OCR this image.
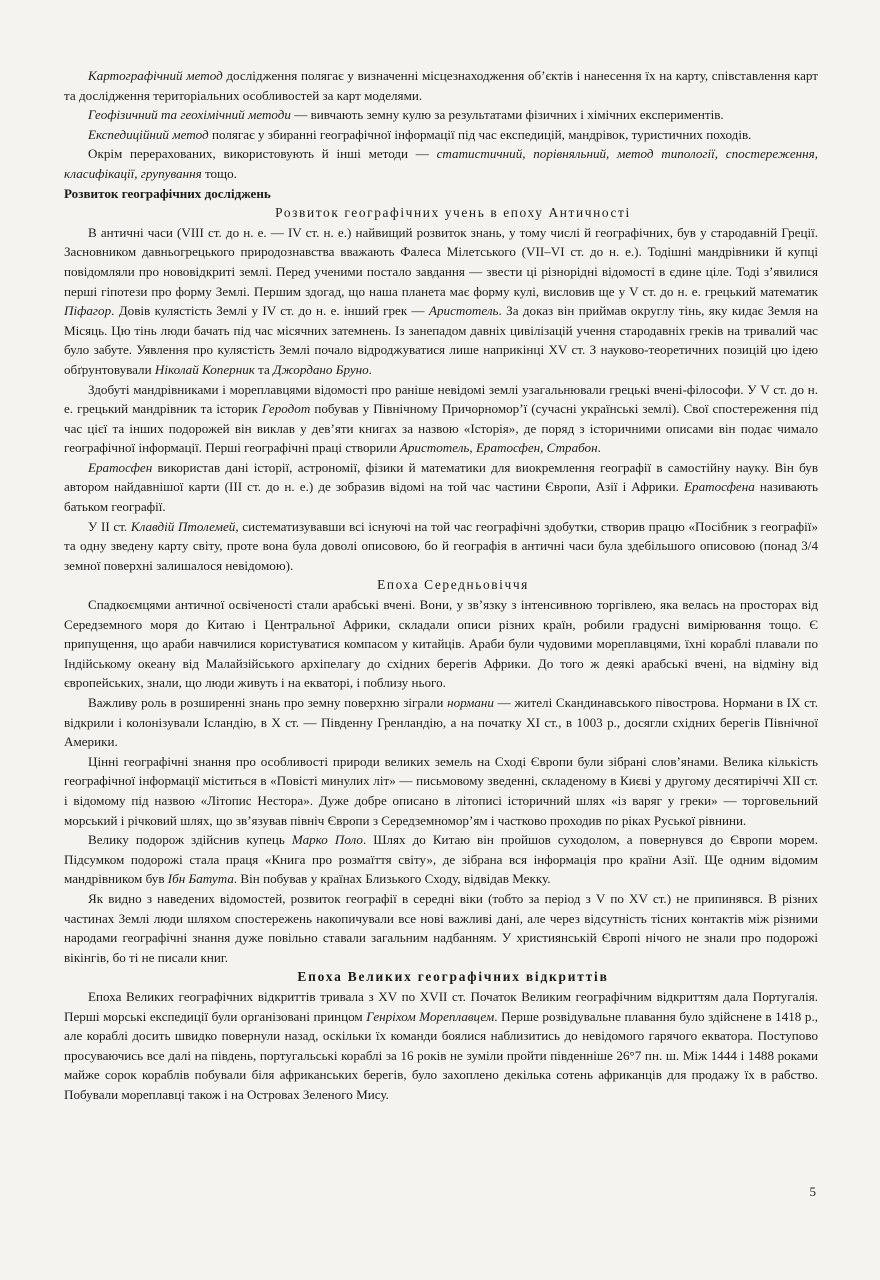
Картографічний метод дослідження полягає у визначенні місцезнаходження об’єктів і нанесення їх на карту, співставлення карт та дослідження територіальних особливостей за карт моделями.

Геофізичний та геохімічний методи — вивчають земну кулю за результатами фізичних і хімічних експериментів.

Експедиційний метод полягає у збиранні географічної інформації під час експедицій, мандрівок, туристичних походів.

Окрім перерахованих, використовують й інші методи — статистичний, порівняльний, метод типології, спостереження, класифікації, групування тощо.

Розвиток географічних досліджень

Розвиток географічних учень в епоху Античності

В античні часи (VIII ст. до н. е. — IV ст. н. е.) найвищий розвиток знань, у тому числі й географічних, був у стародавній Греції. Засновником давньогрецького природознавства вважають Фалеса Мілетського (VII–VI ст. до н. е.). Тодішні мандрівники й купці повідомляли про нововідкриті землі. Перед ученими постало завдання — звести ці різнорідні відомості в єдине ціле. Тоді з’явилися перші гіпотези про форму Землі. Першим здогад, що наша планета має форму кулі, висловив ще у V ст. до н. е. грецький математик Піфагор. Довів кулястість Землі у IV ст. до н. е. інший грек — Аристотель. За доказ він приймав округлу тінь, яку кидає Земля на Місяць. Цю тінь люди бачать під час місячних затемнень. Із занепадом давніх цивілізацій учення стародавніх греків на тривалий час було забуте. Уявлення про кулястість Землі почало відроджуватися лише наприкінці XV ст. З науково-теоретичних позицій цю ідею обґрунтовували Ніколай Коперник та Джордано Бруно.

Здобуті мандрівниками і мореплавцями відомості про раніше невідомі землі узагальнювали грецькі вчені-філософи. У V ст. до н. е. грецький мандрівник та історик Геродот побував у Північному Причорномор’ї (сучасні українські землі). Свої спостереження під час цієї та інших подорожей він виклав у дев’яти книгах за назвою «Історія», де поряд з історичними описами він подає чимало географічної інформації. Перші географічні праці створили Аристотель, Ератосфен, Страбон.

Ератосфен використав дані історії, астрономії, фізики й математики для виокремлення географії в самостійну науку. Він був автором найдавнішої карти (III ст. до н. е.) де зобразив відомі на той час частини Європи, Азії і Африки. Ератосфена називають батьком географії.

У II ст. Клавдій Птолемей, систематизувавши всі існуючі на той час географічні здобутки, створив працю «Посібник з географії» та одну зведену карту світу, проте вона була доволі описовою, бо й географія в античні часи була здебільшого описовою (понад 3/4 земної поверхні залишалося невідомою).

Епоха Середньовіччя

Спадкоємцями античної освіченості стали арабські вчені. Вони, у зв’язку з інтенсивною торгівлею, яка велась на просторах від Середземного моря до Китаю і Центральної Африки, складали описи різних країн, робили градусні вимірювання тощо. Є припущення, що араби навчилися користуватися компасом у китайців. Араби були чудовими мореплавцями, їхні кораблі плавали по Індійському океану від Малайзійського архіпелагу до східних берегів Африки. До того ж деякі арабські вчені, на відміну від європейських, знали, що люди живуть і на екваторі, і поблизу нього.

Важливу роль в розширенні знань про земну поверхню зіграли нормани — жителі Скандинавського півострова. Нормани в IX ст. відкрили і колонізували Ісландію, в X ст. — Південну Гренландію, а на початку XI ст., в 1003 р., досягли східних берегів Північної Америки.

Цінні географічні знання про особливості природи великих земель на Сході Європи були зібрані слов’янами. Велика кількість географічної інформації міститься в «Повісті минулих літ» — письмовому зведенні, складеному в Києві у другому десятиріччі XII ст. і відомому під назвою «Літопис Нестора». Дуже добре описано в літописі історичний шлях «із варяг у греки» — торговельний морський і річковий шлях, що зв’язував північ Європи з Середземномор’ям і частково проходив по ріках Руської рівнини.

Велику подорож здійснив купець Марко Поло. Шлях до Китаю він пройшов суходолом, а повернувся до Європи морем. Підсумком подорожі стала праця «Книга про розмаїття світу», де зібрана вся інформація про країни Азії. Ще одним відомим мандрівником був Ібн Батута. Він побував у країнах Близького Сходу, відвідав Мекку.

Як видно з наведених відомостей, розвиток географії в середні віки (тобто за період з V по XV ст.) не припинявся. В різних частинах Землі люди шляхом спостережень накопичували все нові важливі дані, але через відсутність тісних контактів між різними народами географічні знання дуже повільно ставали загальним надбанням. У християнській Європі нічого не знали про подорожі вікінгів, бо ті не писали книг.

Епоха Великих географічних відкриттів

Епоха Великих географічних відкриттів тривала з XV по XVII ст. Початок Великим географічним відкриттям дала Португалія. Перші морські експедиції були організовані принцом Генріхом Мореплавцем. Перше розвідувальне плавання було здійснене в 1418 р., але кораблі досить швидко повернули назад, оскільки їх команди боялися наблизитись до невідомого гарячого екватора. Поступово просуваючись все далі на південь, португальські кораблі за 16 років не зуміли пройти південніше 26°7 пн. ш. Між 1444 і 1488 роками майже сорок кораблів побували біля африканських берегів, було захоплено декілька сотень африканців для продажу їх в рабство. Побували мореплавці також і на Островах Зеленого Мису.

5
